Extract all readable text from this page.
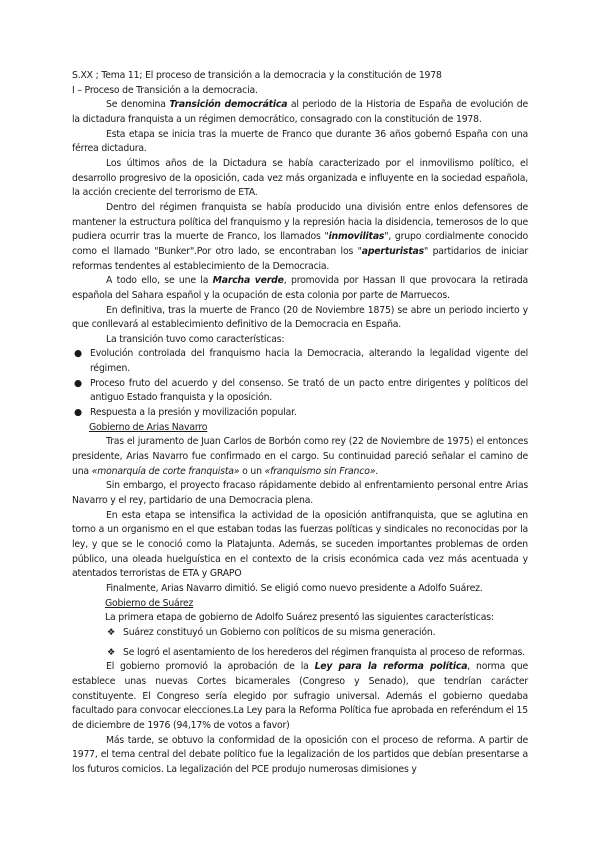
S.XX ; Tema 11; El proceso de transición a la democracia y la constitución de 1978

I – Proceso de Transición a la democracia.

Se denomina Transición democrática al periodo de la Historia de España de evolución de la dictadura franquista a un régimen democrático, consagrado con la constitución de 1978.

Esta etapa se inicia tras la muerte de Franco que durante 36 años gobernó España con una férrea dictadura.

Los últimos años de la Dictadura se había caracterizado por el inmovilismo político, el desarrollo progresivo de la oposición, cada vez más organizada e influyente en la sociedad española, la acción creciente del terrorismo de ETA.

Dentro del régimen franquista se había producido una división entre enlos defensores de mantener la estructura política del franquismo y la represión hacia la disidencia, temerosos de lo que pudiera ocurrir tras la muerte de Franco, los llamados "inmovilitas", grupo cordialmente conocido como el llamado "Bunker".Por otro lado, se encontraban los "aperturistas" partidarios de iniciar reformas tendentes al establecimiento de la Democracia.

A todo ello, se une la Marcha verde, promovida por Hassan II que provocara la retirada española del Sahara español y la ocupación de esta colonia por parte de Marruecos.

En definitiva, tras la muerte de Franco (20 de Noviembre 1875) se abre un periodo incierto y que conllevará al establecimiento definitivo de la Democracia en España.

La transición tuvo como características:

● Evolución controlada del franquismo hacia la Democracia, alterando la legalidad vigente del régimen.
● Proceso fruto del acuerdo y del consenso. Se trató de un pacto entre dirigentes y políticos del antiguo Estado franquista y la oposición.
● Respuesta a la presión y movilización popular.

Gobierno de Arias Navarro

Tras el juramento de Juan Carlos de Borbón como rey (22 de Noviembre de 1975) el entonces presidente, Arias Navarro fue confirmado en el cargo. Su continuidad pareció señalar el camino de una «monarquía de corte franquista» o un «franquismo sin Franco».

Sin embargo, el proyecto fracaso rápidamente debido al enfrentamiento personal entre Arias Navarro y el rey, partidario de una Democracia plena.

En esta etapa se intensifica la actividad de la oposición antifranquista, que se aglutina en torno a un organismo en el que estaban todas las fuerzas políticas y sindicales no reconocidas por la ley, y que se le conoció como la Platajunta. Además, se suceden importantes problemas de orden público, una oleada huelguística en el contexto de la crisis económica cada vez más acentuada y atentados terroristas de ETA y GRAPO

Finalmente, Arias Navarro dimitió. Se eligió como nuevo presidente a Adolfo Suárez.

Gobierno de Suárez

La primera etapa de gobierno de Adolfo Suárez presentó las siguientes características:

❖ Suárez constituyó un Gobierno con políticos de su misma generación.
❖ Se logró el asentamiento de los herederos del régimen franquista al proceso de reformas.

El gobierno promovió la aprobación de la Ley para la reforma política, norma que establece unas nuevas Cortes bicamerales (Congreso y Senado), que tendrían carácter constituyente. El Congreso sería elegido por sufragio universal. Además el gobierno quedaba facultado para convocar elecciones.La Ley para la Reforma Política fue aprobada en referéndum el 15 de diciembre de 1976 (94,17% de votos a favor)

Más tarde, se obtuvo la conformidad de la oposición con el proceso de reforma. A partir de 1977, el tema central del debate político fue la legalización de los partidos que debían presentarse a los futuros comicios. La legalización del PCE produjo numerosas dimisiones y
